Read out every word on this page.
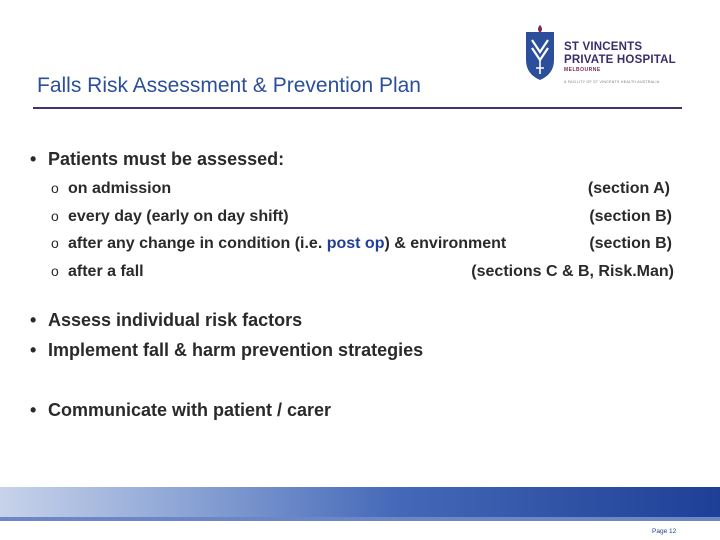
Falls Risk Assessment & Prevention Plan
ST VINCENTS
PRIVATE HOSPITAL
MELBOURNE
A FACILITY OF ST VINCENTS HEALTH AUSTRALIA
• Patients must be assessed:
o on admission	(section A)
o every day (early on day shift)	(section B)
o after any change in condition (i.e. post op) & environment	(section B)
o after a fall	(sections C & B, Risk.Man)
• Assess individual risk factors
• Implement fall & harm prevention strategies
• Communicate with patient / carer
Page 12
